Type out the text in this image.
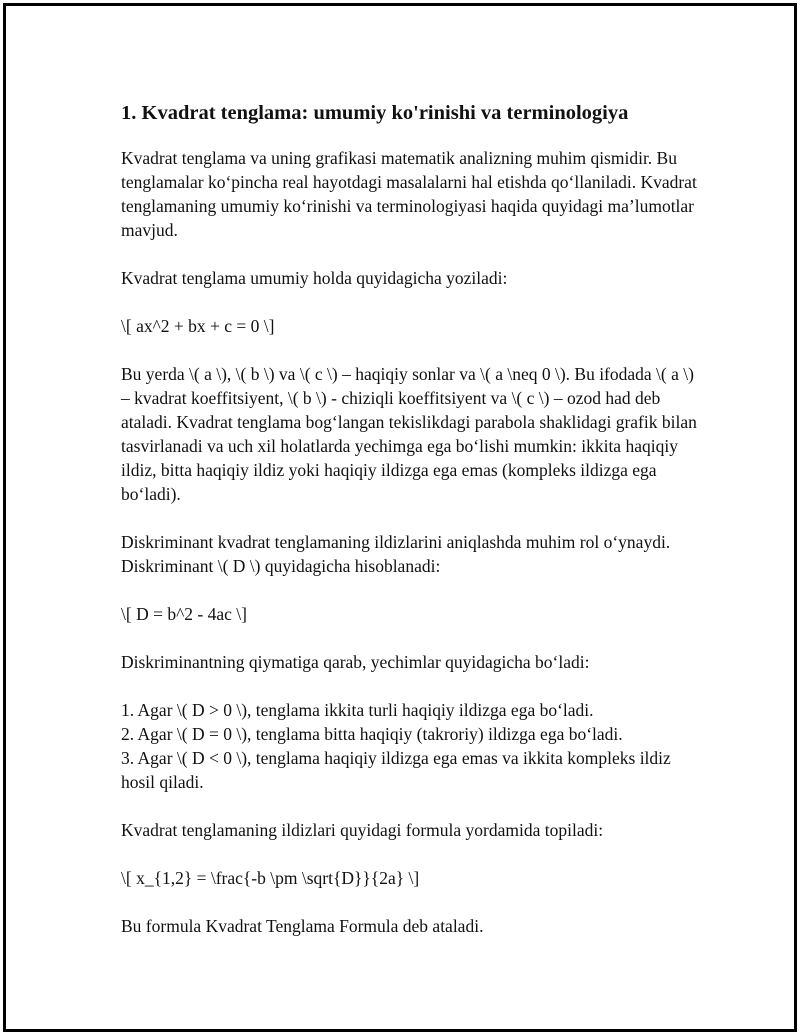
1. Kvadrat tenglama: umumiy ko'rinishi va terminologiya

Kvadrat tenglama va uning grafikasi matematik analizning muhim qismidir. Bu tenglamalar ko‘pincha real hayotdagi masalalarni hal etishda qo‘llaniladi. Kvadrat tenglamaning umumiy ko‘rinishi va terminologiyasi haqida quyidagi ma’lumotlar mavjud.

Kvadrat tenglama umumiy holda quyidagicha yoziladi:

\[ ax^2 + bx + c = 0 \]

Bu yerda \( a \), \( b \) va \( c \) – haqiqiy sonlar va \( a \neq 0 \). Bu ifodada \( a \) – kvadrat koeffitsiyent, \( b \) - chiziqli koeffitsiyent va \( c \) – ozod had deb ataladi. Kvadrat tenglama bog‘langan tekislikdagi parabola shaklidagi grafik bilan tasvirlanadi va uch xil holatlarda yechimga ega bo‘lishi mumkin: ikkita haqiqiy ildiz, bitta haqiqiy ildiz yoki haqiqiy ildizga ega emas (kompleks ildizga ega bo‘ladi).

Diskriminant kvadrat tenglamaning ildizlarini aniqlashda muhim rol o‘ynaydi. Diskriminant \( D \) quyidagicha hisoblanadi:

\[ D = b^2 - 4ac \]

Diskriminantning qiymatiga qarab, yechimlar quyidagicha bo‘ladi:

1. Agar \( D > 0 \), tenglama ikkita turli haqiqiy ildizga ega bo‘ladi.
2. Agar \( D = 0 \), tenglama bitta haqiqiy (takroriy) ildizga ega bo‘ladi.
3. Agar \( D < 0 \), tenglama haqiqiy ildizga ega emas va ikkita kompleks ildiz hosil qiladi.

Kvadrat tenglamaning ildizlari quyidagi formula yordamida topiladi:

\[ x_{1,2} = \frac{-b \pm \sqrt{D}}{2a} \]

Bu formula Kvadrat Tenglama Formula deb ataladi.
